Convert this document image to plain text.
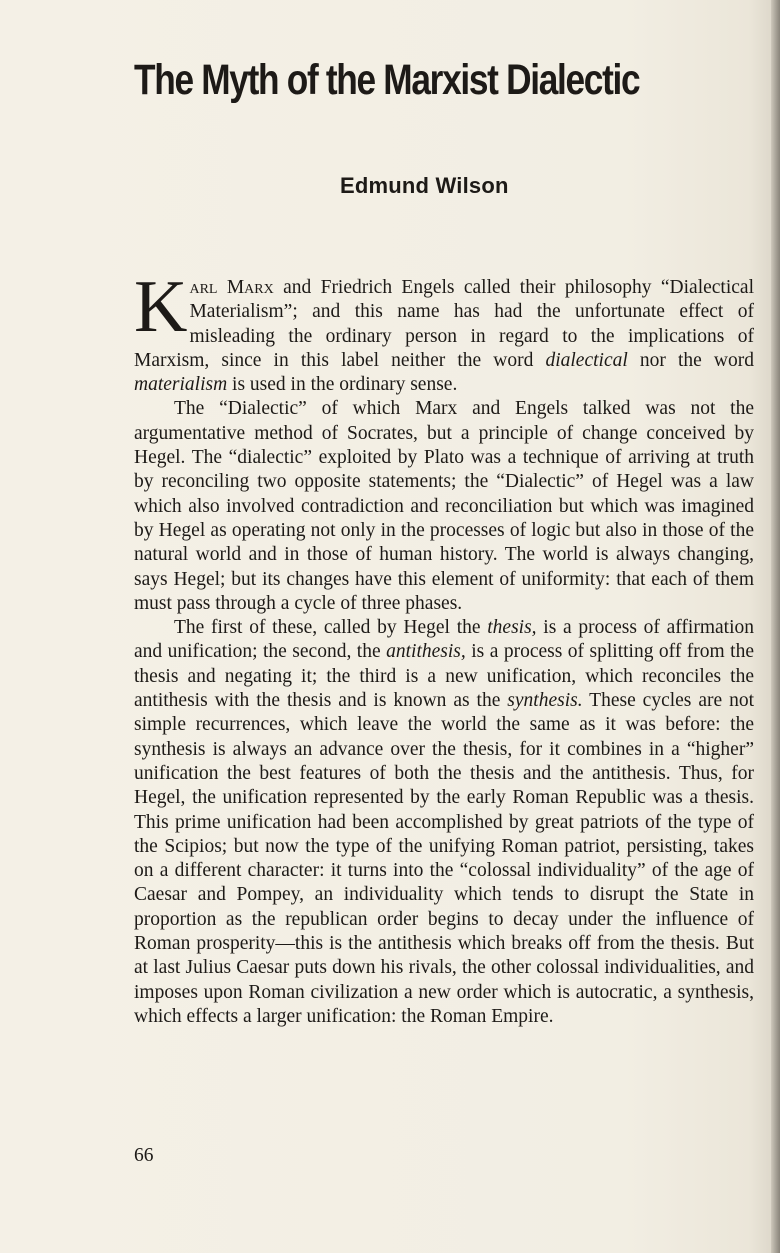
The Myth of the Marxist Dialectic
Edmund Wilson

Karl Marx and Friedrich Engels called their philosophy “Dialectical Materialism”; and this name has had the unfortunate effect of misleading the ordinary person in regard to the implications of Marxism, since in this label neither the word dialectical nor the word materialism is used in the ordinary sense.

The “Dialectic” of which Marx and Engels talked was not the argumentative method of Socrates, but a principle of change conceived by Hegel. The “dialectic” exploited by Plato was a technique of arriving at truth by reconciling two opposite statements; the “Dialectic” of Hegel was a law which also involved contradiction and reconciliation but which was imagined by Hegel as operating not only in the processes of logic but also in those of the natural world and in those of human history. The world is always changing, says Hegel; but its changes have this element of uniformity: that each of them must pass through a cycle of three phases.

The first of these, called by Hegel the thesis, is a process of affirmation and unification; the second, the antithesis, is a process of splitting off from the thesis and negating it; the third is a new unification, which reconciles the antithesis with the thesis and is known as the synthesis. These cycles are not simple recurrences, which leave the world the same as it was before: the synthesis is always an advance over the thesis, for it combines in a “higher” unification the best features of both the thesis and the antithesis. Thus, for Hegel, the unification represented by the early Roman Republic was a thesis. This prime unification had been accomplished by great patriots of the type of the Scipios; but now the type of the unifying Roman patriot, persisting, takes on a different character: it turns into the “colossal individuality” of the age of Caesar and Pompey, an individuality which tends to disrupt the State in proportion as the republican order begins to decay under the influence of Roman prosperity—this is the antithesis which breaks off from the thesis. But at last Julius Caesar puts down his rivals, the other colossal individualities, and imposes upon Roman civilization a new order which is autocratic, a synthesis, which effects a larger unification: the Roman Empire.

66
